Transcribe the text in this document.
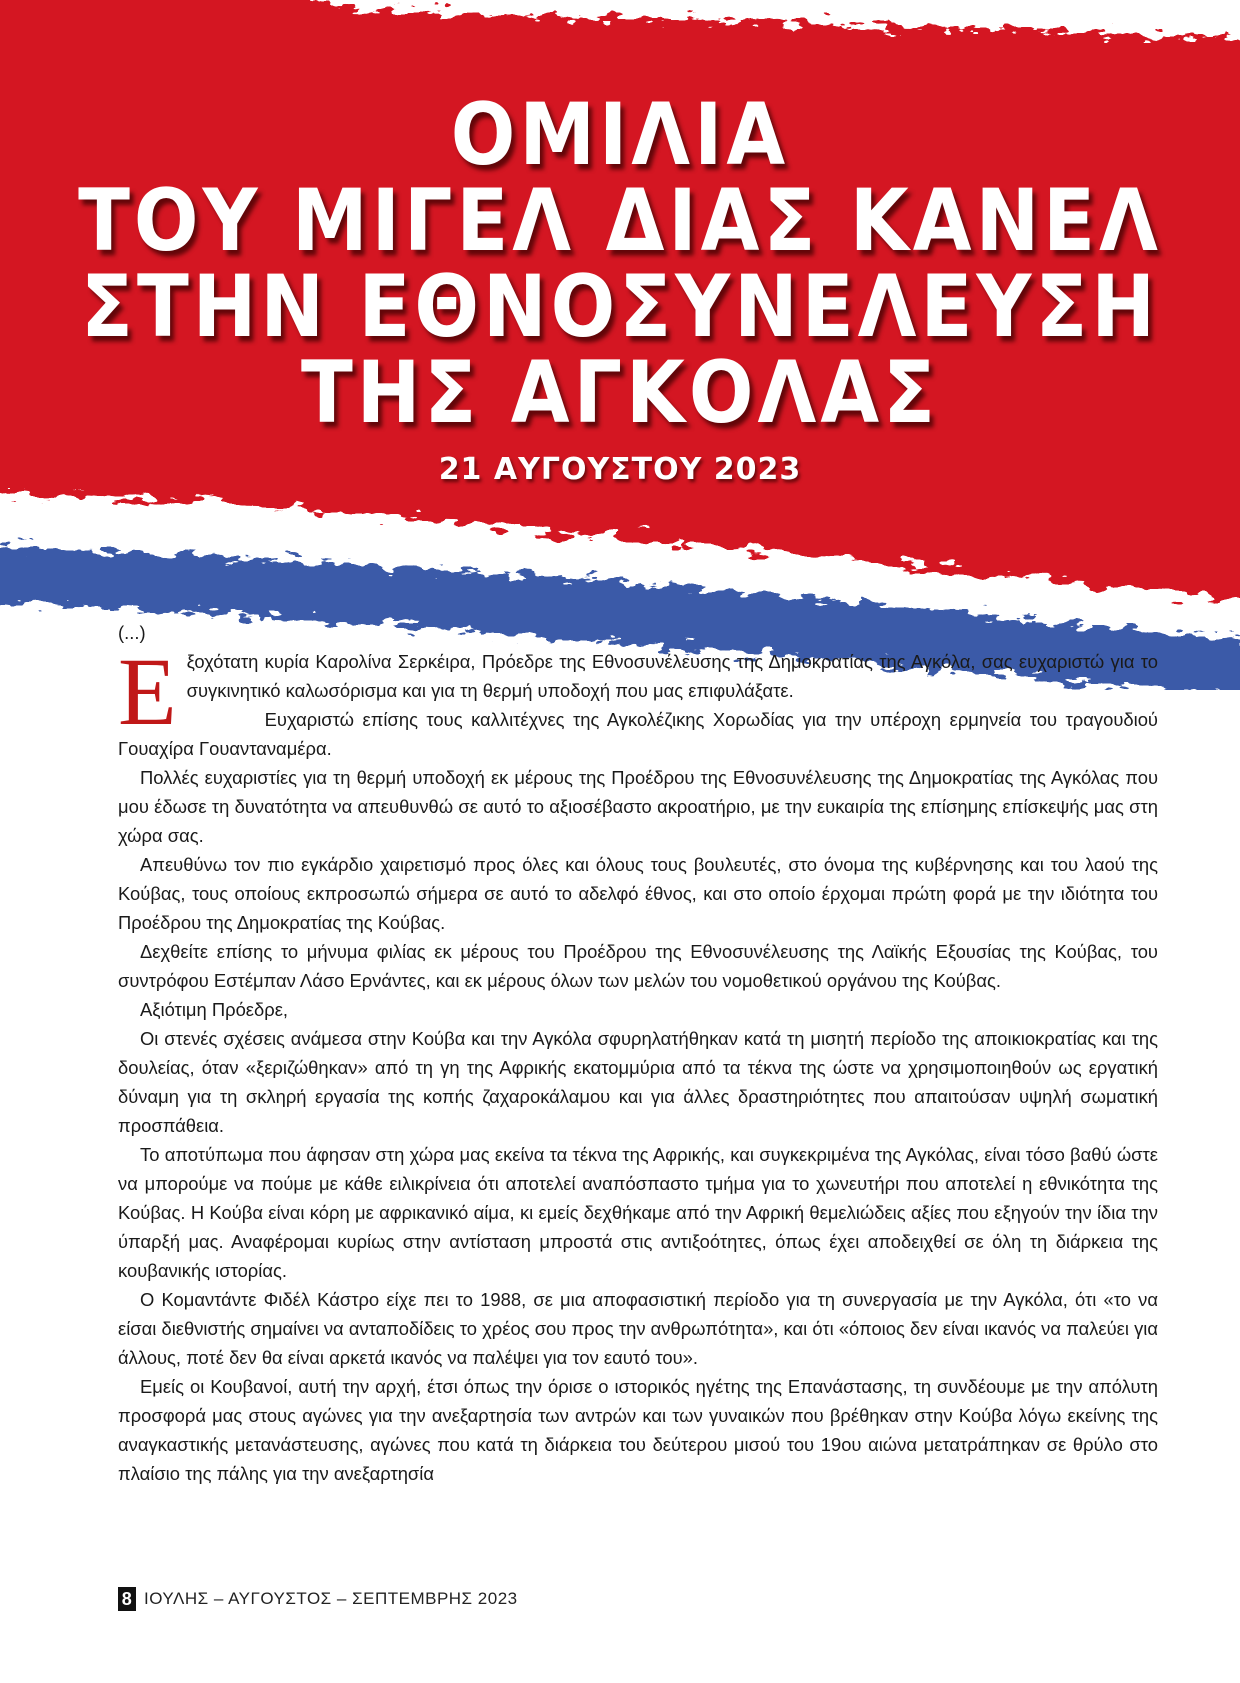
ΟΜΙΛΙΑ
ΤΟΥ ΜΙΓΕΛ ΔΙΑΣ ΚΑΝΕΛ
ΣΤΗΝ ΕΘΝΟΣΥΝΕΛΕΥΣΗ
ΤΗΣ ΑΓΚΟΛΑΣ
21 ΑΥΓΟΥΣΤΟΥ 2023

(...)

Εξοχότατη κυρία Καρολίνα Σερκέιρα, Πρόεδρε της Εθνοσυνέλευσης της Δημοκρατίας της Αγκόλα, σας ευχαριστώ για το συγκινητικό καλωσόρισμα και για τη θερμή υποδοχή που μας επιφυλάξατε.

Ευχαριστώ επίσης τους καλλιτέχνες της Αγκολέζικης Χορωδίας για την υπέροχη ερμηνεία του τραγουδιού Γουαχίρα Γουανταναμέρα.

Πολλές ευχαριστίες για τη θερμή υποδοχή εκ μέρους της Προέδρου της Εθνοσυνέλευσης της Δημοκρατίας της Αγκόλας που μου έδωσε τη δυνατότητα να απευθυνθώ σε αυτό το αξιοσέβαστο ακροατήριο, με την ευκαιρία της επίσημης επίσκεψής μας στη χώρα σας.

Απευθύνω τον πιο εγκάρδιο χαιρετισμό προς όλες και όλους τους βουλευτές, στο όνομα της κυβέρνησης και του λαού της Κούβας, τους οποίους εκπροσωπώ σήμερα σε αυτό το αδελφό έθνος, και στο οποίο έρχομαι πρώτη φορά με την ιδιότητα του Προέδρου της Δημοκρατίας της Κούβας.

Δεχθείτε επίσης το μήνυμα φιλίας εκ μέρους του Προέδρου της Εθνοσυνέλευσης της Λαϊκής Εξουσίας της Κούβας, του συντρόφου Εστέμπαν Λάσο Ερνάντες, και εκ μέρους όλων των μελών του νομοθετικού οργάνου της Κούβας.

Αξιότιμη Πρόεδρε,

Οι στενές σχέσεις ανάμεσα στην Κούβα και την Αγκόλα σφυρηλατήθηκαν κατά τη μισητή περίοδο της αποικιοκρατίας και της δουλείας, όταν «ξεριζώθηκαν» από τη γη της Αφρικής εκατομμύρια από τα τέκνα της ώστε να χρησιμοποιηθούν ως εργατική δύναμη για τη σκληρή εργασία της κοπής ζαχαροκάλαμου και για άλλες δραστηριότητες που απαιτούσαν υψηλή σωματική προσπάθεια.

Το αποτύπωμα που άφησαν στη χώρα μας εκείνα τα τέκνα της Αφρικής, και συγκεκριμένα της Αγκόλας, είναι τόσο βαθύ ώστε να μπορούμε να πούμε με κάθε ειλικρίνεια ότι αποτελεί αναπόσπαστο τμήμα για το χωνευτήρι που αποτελεί η εθνικότητα της Κούβας. Η Κούβα είναι κόρη με αφρικανικό αίμα, κι εμείς δεχθήκαμε από την Αφρική θεμελιώδεις αξίες που εξηγούν την ίδια την ύπαρξή μας. Αναφέρομαι κυρίως στην αντίσταση μπροστά στις αντιξοότητες, όπως έχει αποδειχθεί σε όλη τη διάρκεια της κουβανικής ιστορίας.

Ο Κομαντάντε Φιδέλ Κάστρο είχε πει το 1988, σε μια αποφασιστική περίοδο για τη συνεργασία με την Αγκόλα, ότι «το να είσαι διεθνιστής σημαίνει να ανταποδίδεις το χρέος σου προς την ανθρωπότητα», και ότι «όποιος δεν είναι ικανός να παλεύει για άλλους, ποτέ δεν θα είναι αρκετά ικανός να παλέψει για τον εαυτό του».

Εμείς οι Κουβανοί, αυτή την αρχή, έτσι όπως την όρισε ο ιστορικός ηγέτης της Επανάστασης, τη συνδέουμε με την απόλυτη προσφορά μας στους αγώνες για την ανεξαρτησία των αντρών και των γυναικών που βρέθηκαν στην Κούβα λόγω εκείνης της αναγκαστικής μετανάστευσης, αγώνες που κατά τη διάρκεια του δεύτερου μισού του 19ου αιώνα μετατράπηκαν σε θρύλο στο πλαίσιο της πάλης για την ανεξαρτησία

8 ΙΟΥΛΗΣ – ΑΥΓΟΥΣΤΟΣ – ΣΕΠΤΕΜΒΡΗΣ 2023
